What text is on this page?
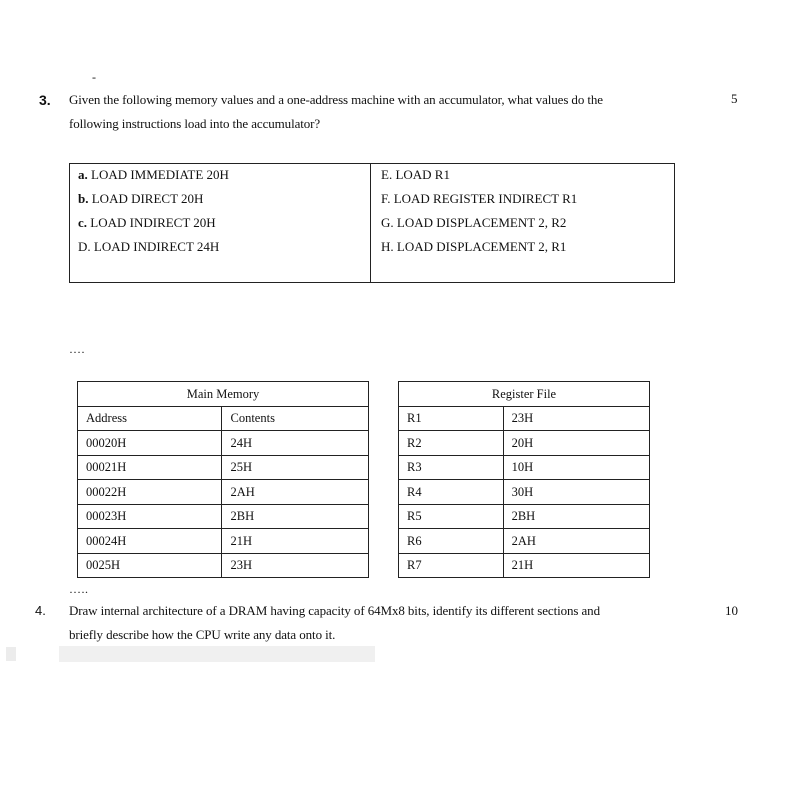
-
3. Given the following memory values and a one-address machine with an accumulator, what values do the
following instructions load into the accumulator?
5
a. LOAD IMMEDIATE 20H
b. LOAD DIRECT 20H
c. LOAD INDIRECT 20H
D. LOAD INDIRECT 24H
E. LOAD R1
F. LOAD REGISTER INDIRECT R1
G. LOAD DISPLACEMENT 2, R2
H. LOAD DISPLACEMENT 2, R1
….
Main Memory	
Address	Contents
00020H	24H
00021H	25H
00022H	2AH
00023H	2BH
00024H	21H
0025H	23H
Register File	
R1	23H
R2	20H
R3	10H
R4	30H
R5	2BH
R6	2AH
R7	21H
…..
4. Draw internal architecture of a DRAM having capacity of 64Mx8 bits, identify its different sections and
briefly describe how the CPU write any data onto it.
10
